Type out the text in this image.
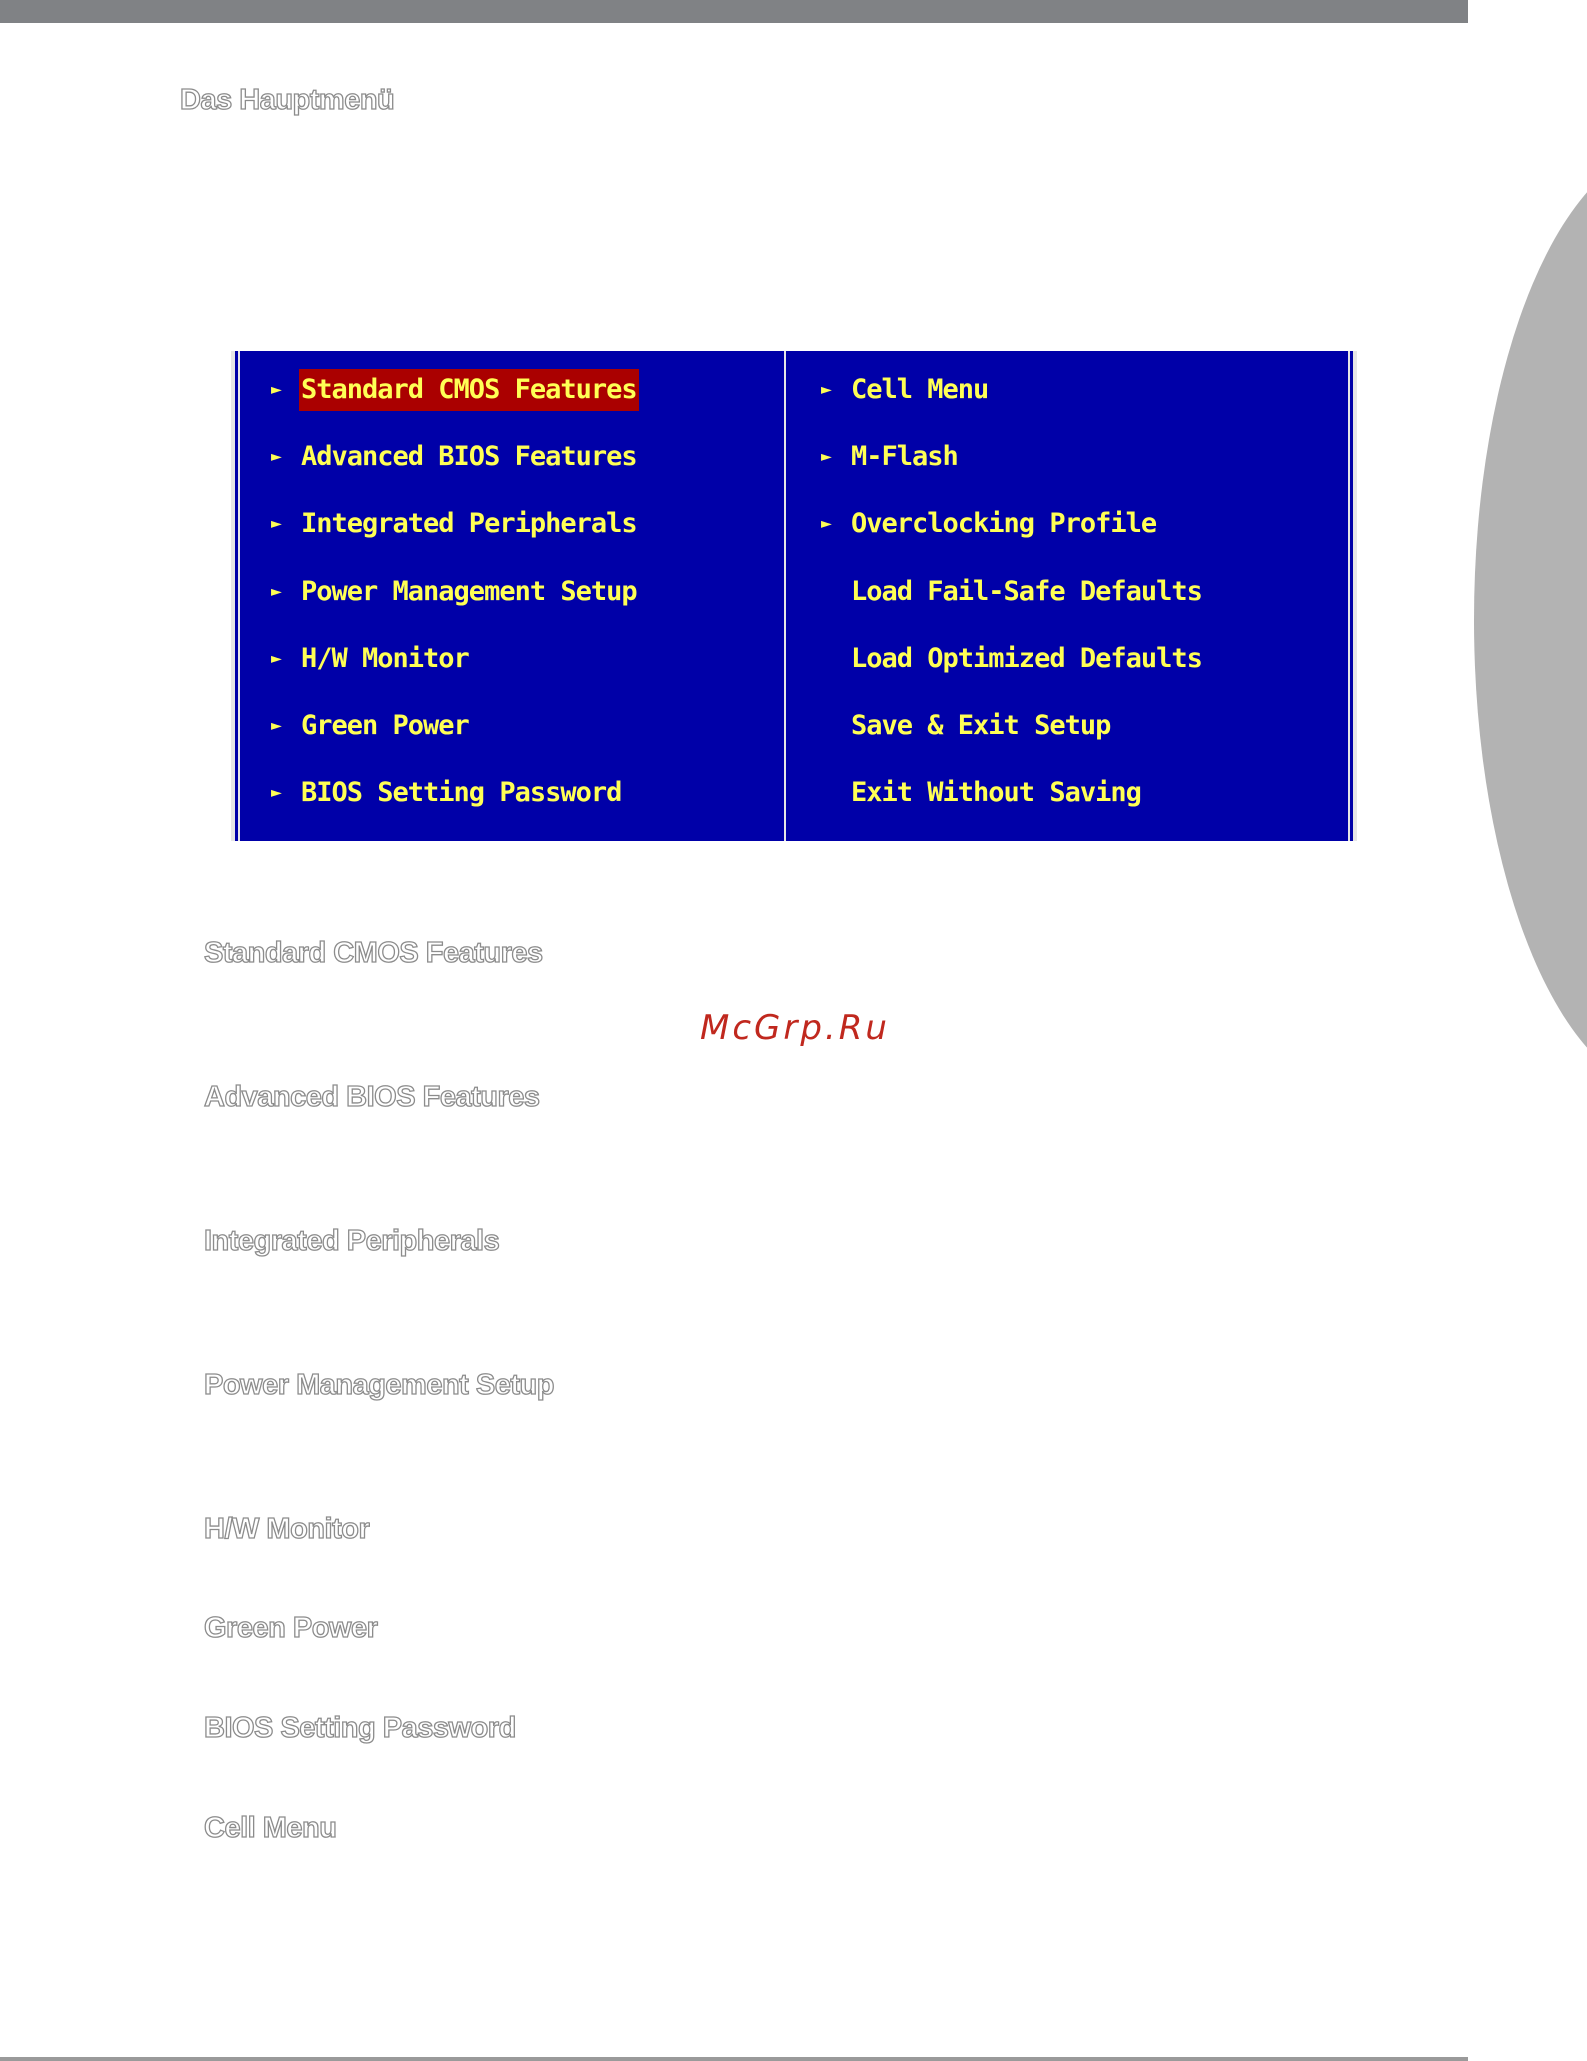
Das Hauptmenü
► Standard CMOS Features
► Advanced BIOS Features
► Integrated Peripherals
► Power Management Setup
► H/W Monitor
► Green Power
► BIOS Setting Password
► Cell Menu
► M-Flash
► Overclocking Profile
Load Fail-Safe Defaults
Load Optimized Defaults
Save & Exit Setup
Exit Without Saving
Standard CMOS Features
McGrp.Ru
Advanced BIOS Features
Integrated Peripherals
Power Management Setup
H/W Monitor
Green Power
BIOS Setting Password
Cell Menu
